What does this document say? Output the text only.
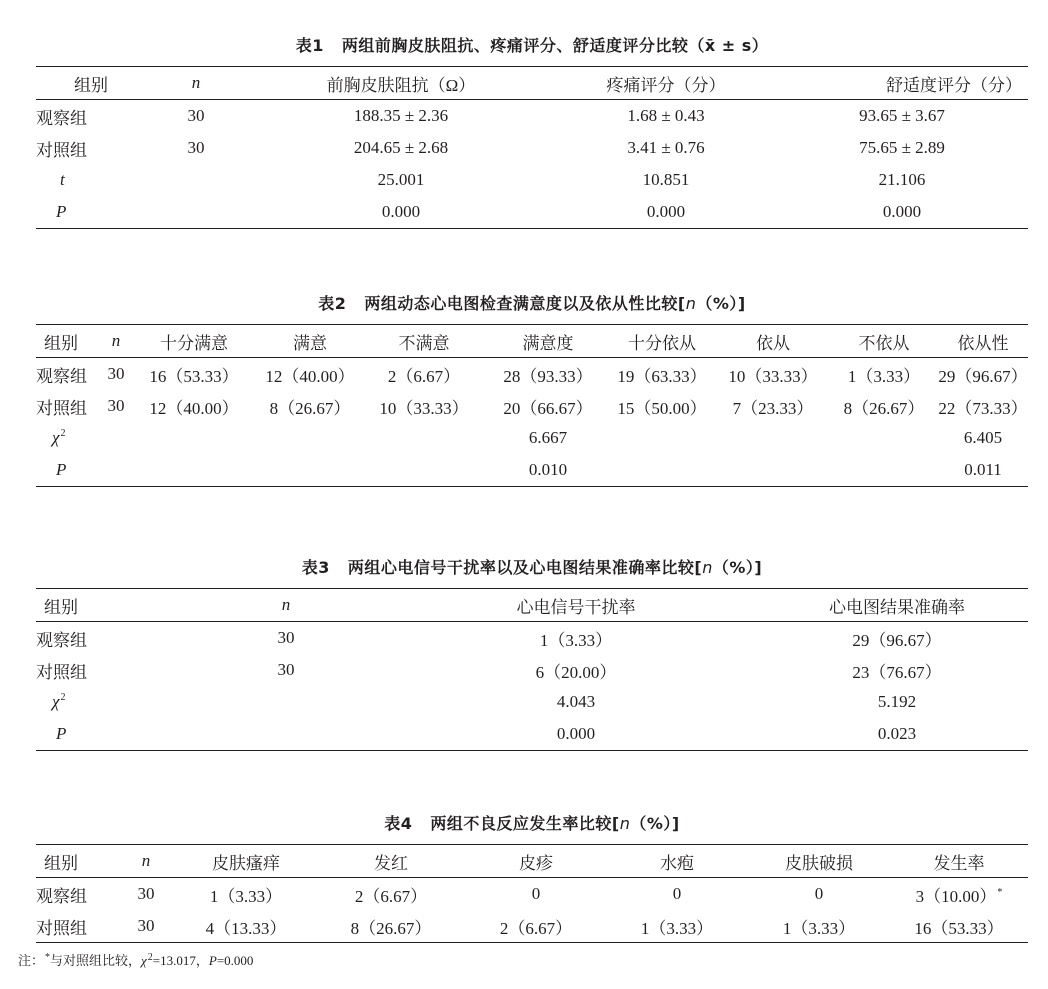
表1 两组前胸皮肤阻抗、疼痛评分、舒适度评分比较（x̄ ± s）
组别	n	前胸皮肤阻抗（Ω）	疼痛评分（分）	舒适度评分（分）
观察组	30	188.35 ± 2.36	1.68 ± 0.43	93.65 ± 3.67
对照组	30	204.65 ± 2.68	3.41 ± 0.76	75.65 ± 2.89
t		25.001	10.851	21.106
P		0.000	0.000	0.000
表2 两组动态心电图检查满意度以及依从性比较[n（%）]
组别	n	十分满意	满意	不满意	满意度	十分依从	依从	不依从	依从性
观察组	30	16（53.33）	12（40.00）	2（6.67）	28（93.33）	19（63.33）	10（33.33）	1（3.33）	29（96.67）
对照组	30	12（40.00）	8（26.67）	10（33.33）	20（66.67）	15（50.00）	7（23.33）	8（26.67）	22（73.33）
$\chi^2$					6.667				6.405
P					0.010				0.011
表3 两组心电信号干扰率以及心电图结果准确率比较[n（%）]
组别	n	心电信号干扰率	心电图结果准确率
观察组	30	1（3.33）	29（96.67）
对照组	30	6（20.00）	23（76.67）
$\chi^2$		4.043	5.192
P		0.000	0.023
表4 两组不良反应发生率比较[n（%）]
组别	n	皮肤瘙痒	发红	皮疹	水疱	皮肤破损	发生率
观察组	30	1（3.33）	2（6.67）	0	0	0	3（10.00）*
对照组	30	4（13.33）	8（26.67）	2（6.67）	1（3.33）	1（3.33）	16（53.33）
注：*与对照组比较，$\chi^2=13.017$，P=0.000
